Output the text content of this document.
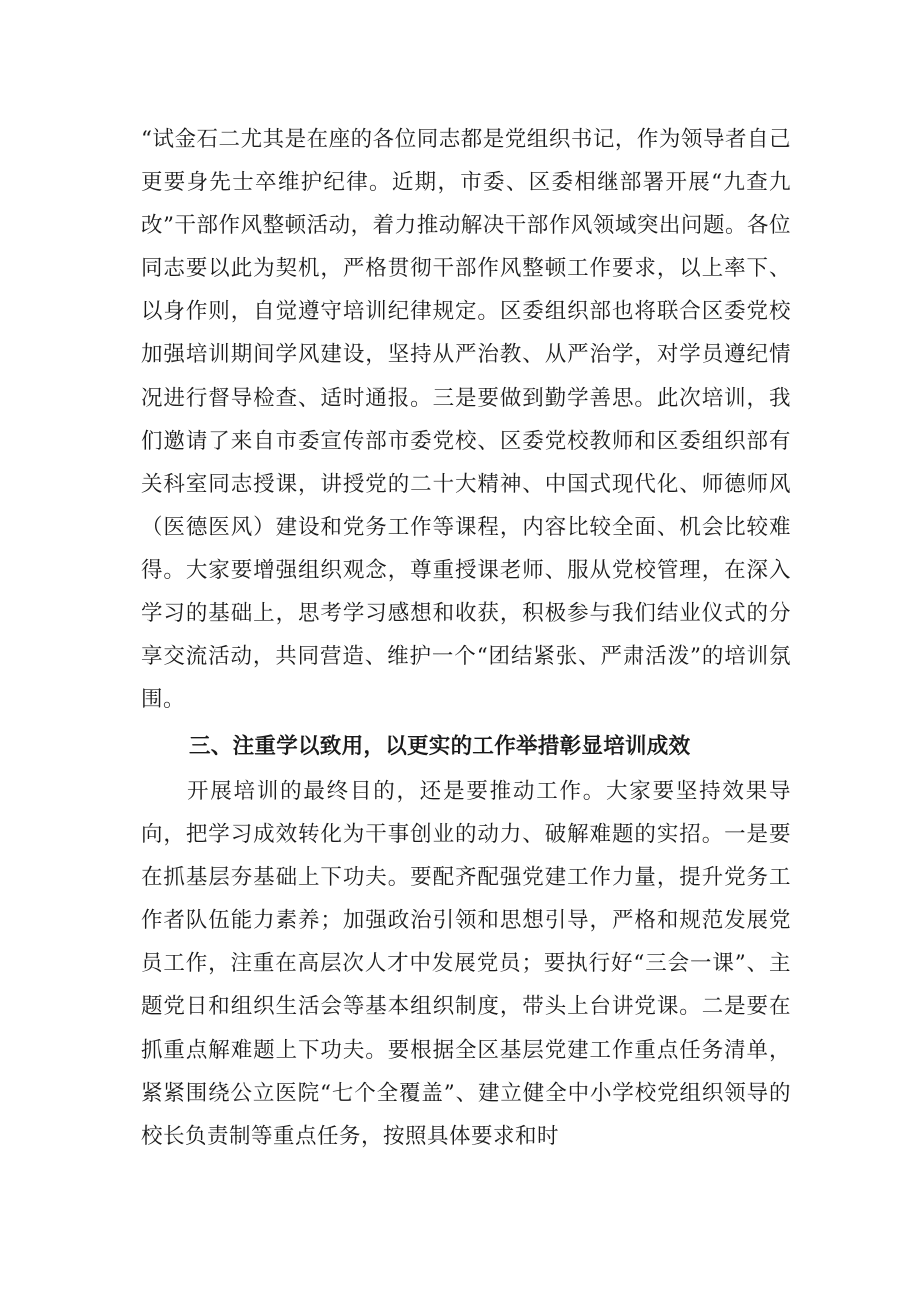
“试金石二尤其是在座的各位同志都是党组织书记，作为领导者自己更要身先士卒维护纪律。近期，市委、区委相继部署开展“九查九改”干部作风整顿活动，着力推动解决干部作风领域突出问题。各位同志要以此为契机，严格贯彻干部作风整顿工作要求，以上率下、以身作则，自觉遵守培训纪律规定。区委组织部也将联合区委党校加强培训期间学风建设，坚持从严治教、从严治学，对学员遵纪情况进行督导检查、适时通报。三是要做到勤学善思。此次培训，我们邀请了来自市委宣传部市委党校、区委党校教师和区委组织部有关科室同志授课，讲授党的二十大精神、中国式现代化、师德师风（医德医风）建设和党务工作等课程，内容比较全面、机会比较难得。大家要增强组织观念，尊重授课老师、服从党校管理，在深入学习的基础上，思考学习感想和收获，积极参与我们结业仪式的分享交流活动，共同营造、维护一个“团结紧张、严肃活泼”的培训氛围。

三、注重学以致用，以更实的工作举措彰显培训成效

开展培训的最终目的，还是要推动工作。大家要坚持效果导向，把学习成效转化为干事创业的动力、破解难题的实招。一是要在抓基层夯基础上下功夫。要配齐配强党建工作力量，提升党务工作者队伍能力素养；加强政治引领和思想引导，严格和规范发展党员工作，注重在高层次人才中发展党员；要执行好“三会一课”、主题党日和组织生活会等基本组织制度，带头上台讲党课。二是要在抓重点解难题上下功夫。要根据全区基层党建工作重点任务清单，紧紧围绕公立医院“七个全覆盖”、建立健全中小学校党组织领导的校长负责制等重点任务，按照具体要求和时
